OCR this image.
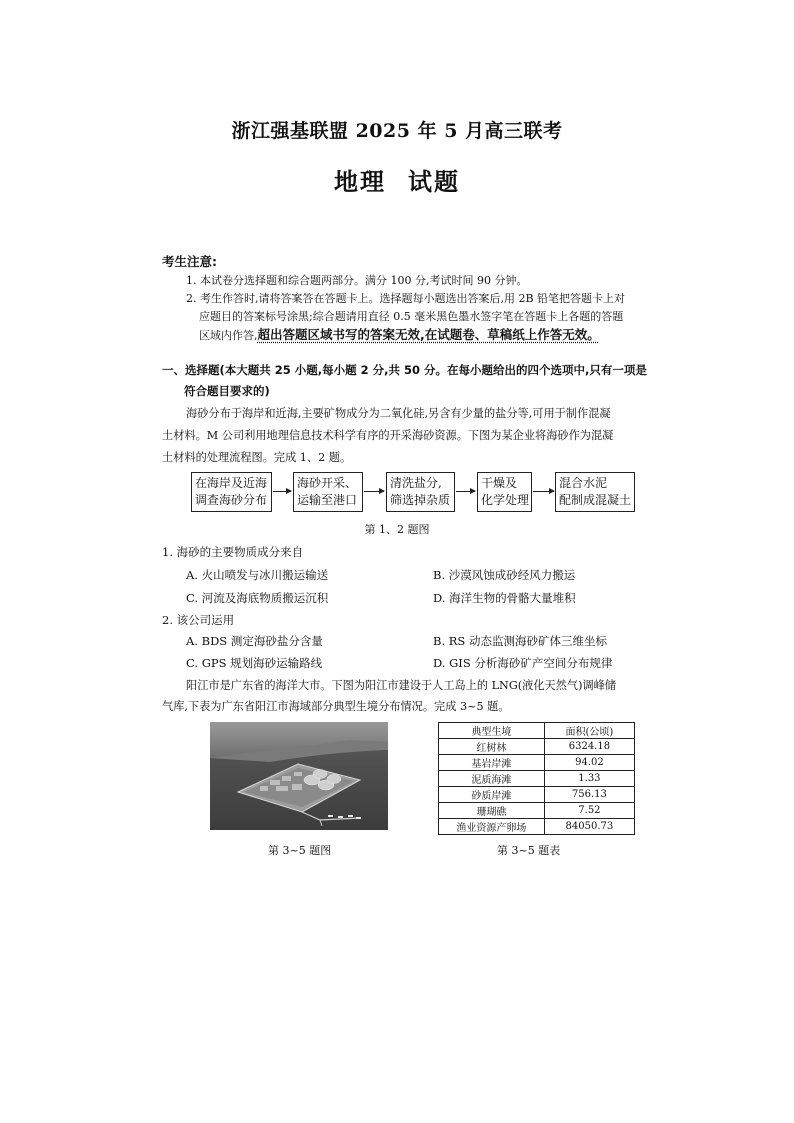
浙江强基联盟 2025 年 5 月高三联考
地理 试题
考生注意:
1. 本试卷分选择题和综合题两部分。满分 100 分,考试时间 90 分钟。
2. 考生作答时,请将答案答在答题卡上。选择题每小题选出答案后,用 2B 铅笔把答题卡上对
应题目的答案标号涂黑;综合题请用直径 0.5 毫米黑色墨水签字笔在答题卡上各题的答题
区域内作答,超出答题区域书写的答案无效,在试题卷、草稿纸上作答无效。
一、选择题(本大题共 25 小题,每小题 2 分,共 50 分。在每小题给出的四个选项中,只有一项是
符合题目要求的)
海砂分布于海岸和近海,主要矿物成分为二氧化硅,另含有少量的盐分等,可用于制作混凝
土材料。M 公司利用地理信息技术科学有序的开采海砂资源。下图为某企业将海砂作为混凝
土材料的处理流程图。完成 1、2 题。
在海岸及近海
调查海砂分布
海砂开采、
运输至港口
清洗盐分,
筛选掉杂质
干燥及
化学处理
混合水泥
配制成混凝土
第 1、2 题图
1. 海砂的主要物质成分来自
A. 火山喷发与冰川搬运输送	B. 沙漠风蚀成砂经风力搬运
C. 河流及海底物质搬运沉积	D. 海洋生物的骨骼大量堆积
2. 该公司运用
A. BDS 测定海砂盐分含量	B. RS 动态监测海砂矿体三维坐标
C. GPS 规划海砂运输路线	D. GIS 分析海砂矿产空间分布规律
阳江市是广东省的海洋大市。下图为阳江市建设于人工岛上的 LNG(液化天然气)调峰储
气库,下表为广东省阳江市海域部分典型生境分布情况。完成 3~5 题。
第 3~5 题图
典型生境	面积(公顷)
红树林	6324.18
基岩岸滩	94.02
泥质海滩	1.33
砂质岸滩	756.13
珊瑚礁	7.52
渔业资源产卵场	84050.73
第 3~5 题表
